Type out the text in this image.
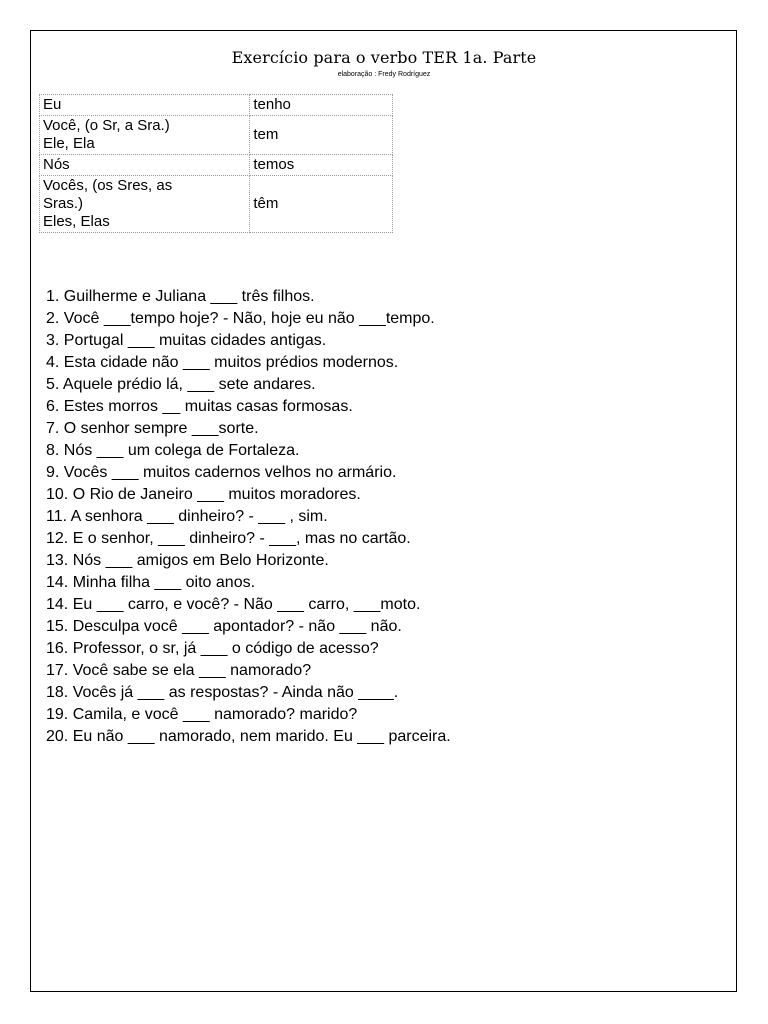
Exercício para o verbo TER 1a. Parte
elaboração : Fredy Rodríguez
Eu	tenho

Você, (o Sr, a Sra.)
Ele, Ela	tem

Nós	temos

Vocês, (os Sres, as
Sras.)
Eles, Elas	têm
1. Guilherme e Juliana ___ três filhos.
2. Você ___tempo hoje? - Não, hoje eu não ___tempo.
3. Portugal ___ muitas cidades antigas.
4. Esta cidade não ___ muitos prédios modernos.
5. Aquele prédio lá, ___ sete andares.
6. Estes morros __ muitas casas formosas.
7. O senhor sempre ___sorte.
8. Nós ___ um colega de Fortaleza.
9. Vocês ___ muitos cadernos velhos no armário.
10. O Rio de Janeiro ___ muitos moradores.
11. A senhora ___ dinheiro? - ___ , sim.
12. E o senhor, ___ dinheiro? - ___, mas no cartão.
13. Nós ___ amigos em Belo Horizonte.
14. Minha filha ___ oito anos.
14. Eu ___ carro, e você? - Não ___ carro, ___moto.
15. Desculpa você ___ apontador? - não ___ não.
16. Professor, o sr, já ___ o código de acesso?
17. Você sabe se ela ___ namorado?
18. Vocês já ___ as respostas? - Ainda não ____.
19. Camila, e você ___ namorado? marido?
20. Eu não ___ namorado, nem marido. Eu ___ parceira.
